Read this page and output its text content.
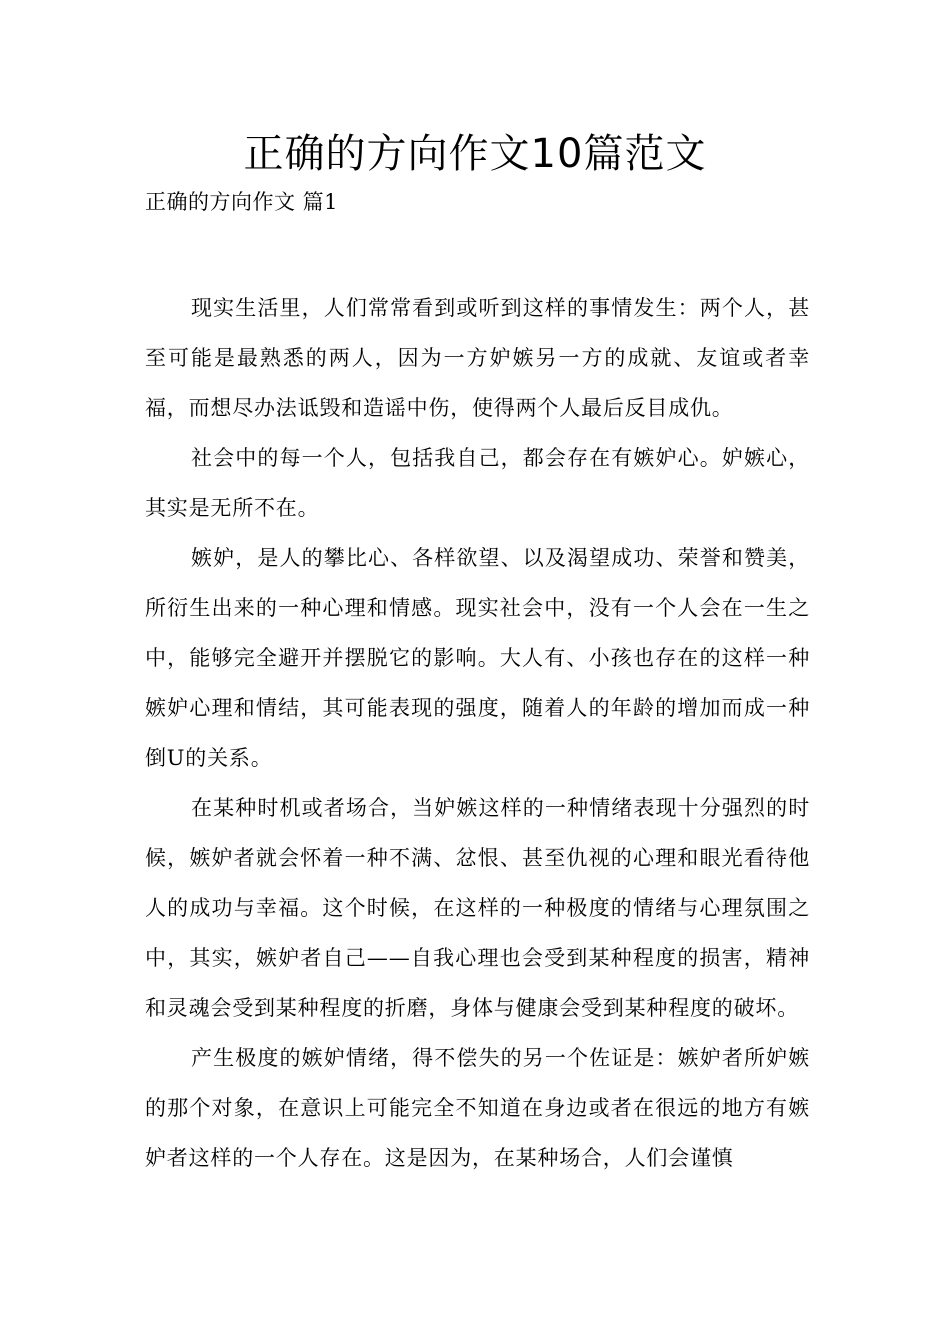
正确的方向作文10篇范文
正确的方向作文 篇1

现实生活里，人们常常看到或听到这样的事情发生：两个人，甚至可能是最熟悉的两人，因为一方妒嫉另一方的成就、友谊或者幸福，而想尽办法诋毁和造谣中伤，使得两个人最后反目成仇。

社会中的每一个人，包括我自己，都会存在有嫉妒心。妒嫉心，其实是无所不在。

嫉妒，是人的攀比心、各样欲望、以及渴望成功、荣誉和赞美，所衍生出来的一种心理和情感。现实社会中，没有一个人会在一生之中，能够完全避开并摆脱它的影响。大人有、小孩也存在的这样一种嫉妒心理和情结，其可能表现的强度，随着人的年龄的增加而成一种倒U的关系。

在某种时机或者场合，当妒嫉这样的一种情绪表现十分强烈的时候，嫉妒者就会怀着一种不满、忿恨、甚至仇视的心理和眼光看待他人的成功与幸福。这个时候，在这样的一种极度的情绪与心理氛围之中，其实，嫉妒者自己——自我心理也会受到某种程度的损害，精神和灵魂会受到某种程度的折磨，身体与健康会受到某种程度的破坏。

产生极度的嫉妒情绪，得不偿失的另一个佐证是：嫉妒者所妒嫉的那个对象，在意识上可能完全不知道在身边或者在很远的地方有嫉妒者这样的一个人存在。这是因为，在某种场合，人们会谨慎
